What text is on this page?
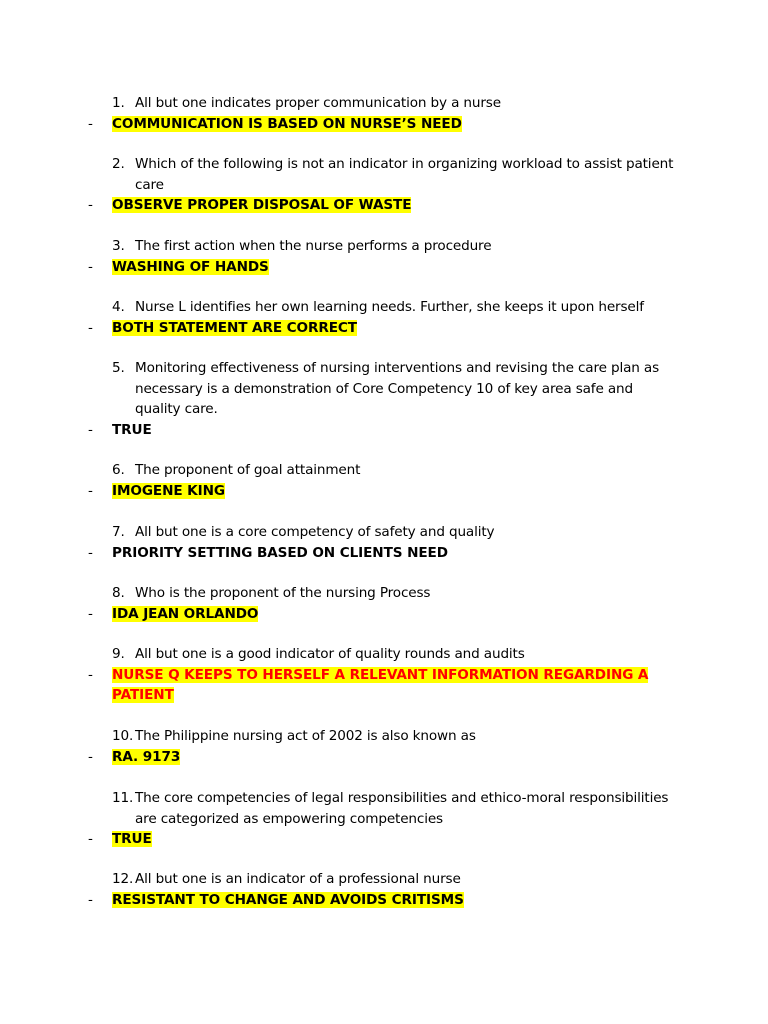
1. All but one indicates proper communication by a nurse
- COMMUNICATION IS BASED ON NURSE’S NEED
2. Which of the following is not an indicator in organizing workload to assist patient care
- OBSERVE PROPER DISPOSAL OF WASTE
3. The first action when the nurse performs a procedure
- WASHING OF HANDS
4. Nurse L identifies her own learning needs. Further, she keeps it upon herself
- BOTH STATEMENT ARE CORRECT
5. Monitoring effectiveness of nursing interventions and revising the care plan as necessary is a demonstration of Core Competency 10 of key area safe and quality care.
- TRUE
6. The proponent of goal attainment
- IMOGENE KING
7. All but one is a core competency of safety and quality
- PRIORITY SETTING BASED ON CLIENTS NEED
8. Who is the proponent of the nursing Process
- IDA JEAN ORLANDO
9. All but one is a good indicator of quality rounds and audits
- NURSE Q KEEPS TO HERSELF A RELEVANT INFORMATION REGARDING A PATIENT
10. The Philippine nursing act of 2002 is also known as
- RA. 9173
11. The core competencies of legal responsibilities and ethico-moral responsibilities are categorized as empowering competencies
- TRUE
12. All but one is an indicator of a professional nurse
- RESISTANT TO CHANGE AND AVOIDS CRITISMS
